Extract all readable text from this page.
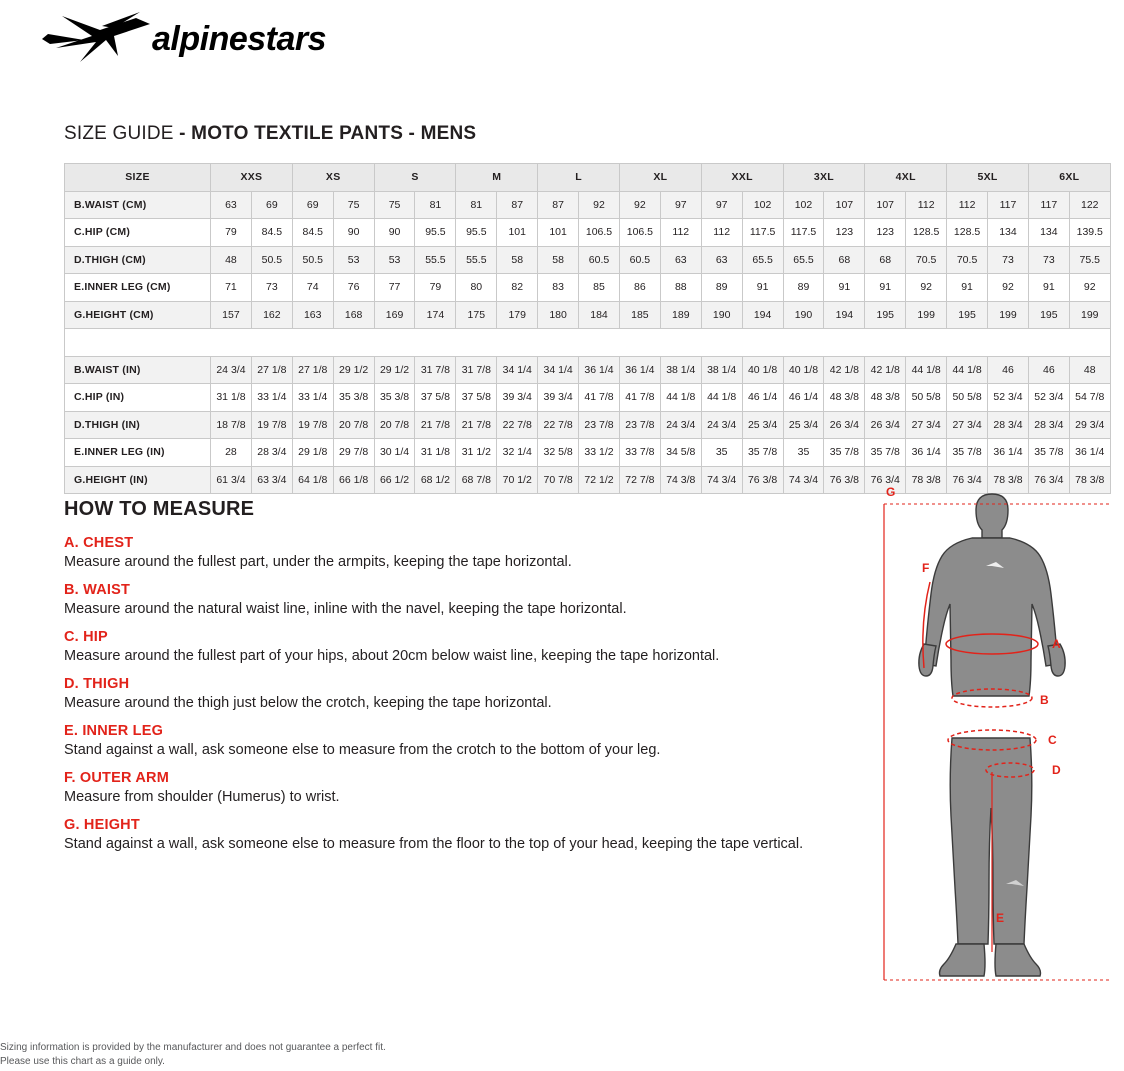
alpinestars
SIZE GUIDE - MOTO TEXTILE PANTS - MENS
SIZE	XXS		XS		S		M		L		XL		XXL		3XL		4XL		5XL		6XL	
B.WAIST (CM)	63	69	69	75	75	81	81	87	87	92	92	97	97	102	102	107	107	112	112	117	117	122
C.HIP (CM)	79	84.5	84.5	90	90	95.5	95.5	101	101	106.5	106.5	112	112	117.5	117.5	123	123	128.5	128.5	134	134	139.5
D.THIGH (CM)	48	50.5	50.5	53	53	55.5	55.5	58	58	60.5	60.5	63	63	65.5	65.5	68	68	70.5	70.5	73	73	75.5
E.INNER LEG (CM)	71	73	74	76	77	79	80	82	83	85	86	88	89	91	89	91	91	92	91	92	91	92
G.HEIGHT (CM)	157	162	163	168	169	174	175	179	180	184	185	189	190	194	190	194	195	199	195	199	195	199

B.WAIST (IN)	24 3/4	27 1/8	27 1/8	29 1/2	29 1/2	31 7/8	31 7/8	34 1/4	34 1/4	36 1/4	36 1/4	38 1/4	38 1/4	40 1/8	40 1/8	42 1/8	42 1/8	44 1/8	44 1/8	46	46	48
C.HIP (IN)	31 1/8	33 1/4	33 1/4	35 3/8	35 3/8	37 5/8	37 5/8	39 3/4	39 3/4	41 7/8	41 7/8	44 1/8	44 1/8	46 1/4	46 1/4	48 3/8	48 3/8	50 5/8	50 5/8	52 3/4	52 3/4	54 7/8
D.THIGH (IN)	18 7/8	19 7/8	19 7/8	20 7/8	20 7/8	21 7/8	21 7/8	22 7/8	22 7/8	23 7/8	23 7/8	24 3/4	24 3/4	25 3/4	25 3/4	26 3/4	26 3/4	27 3/4	27 3/4	28 3/4	28 3/4	29 3/4
E.INNER LEG (IN)	28	28 3/4	29 1/8	29 7/8	30 1/4	31 1/8	31 1/2	32 1/4	32 5/8	33 1/2	33 7/8	34 5/8	35	35 7/8	35	35 7/8	35 7/8	36 1/4	35 7/8	36 1/4	35 7/8	36 1/4
G.HEIGHT (IN)	61 3/4	63 3/4	64 1/8	66 1/8	66 1/2	68 1/2	68 7/8	70 1/2	70 7/8	72 1/2	72 7/8	74 3/8	74 3/4	76 3/8	74 3/4	76 3/8	76 3/4	78 3/8	76 3/4	78 3/8	76 3/4	78 3/8
HOW TO MEASURE
A. CHEST
Measure around the fullest part, under the armpits, keeping the tape horizontal.
B. WAIST
Measure around the natural waist line, inline with the navel, keeping the tape horizontal.
C. HIP
Measure around the fullest part of your hips, about 20cm below waist line, keeping the tape horizontal.
D. THIGH
Measure around the thigh just below the crotch, keeping the tape horizontal.
E. INNER LEG
Stand against a wall, ask someone else to measure from the crotch to the bottom of your leg.
F. OUTER ARM
Measure from shoulder (Humerus) to wrist.
G. HEIGHT
Stand against a wall, ask someone else to measure from the floor to the top of your head, keeping the tape vertical.
G
F
A
B
C
D
E
Sizing information is provided by the manufacturer and does not guarantee a perfect fit.
Please use this chart as a guide only.
